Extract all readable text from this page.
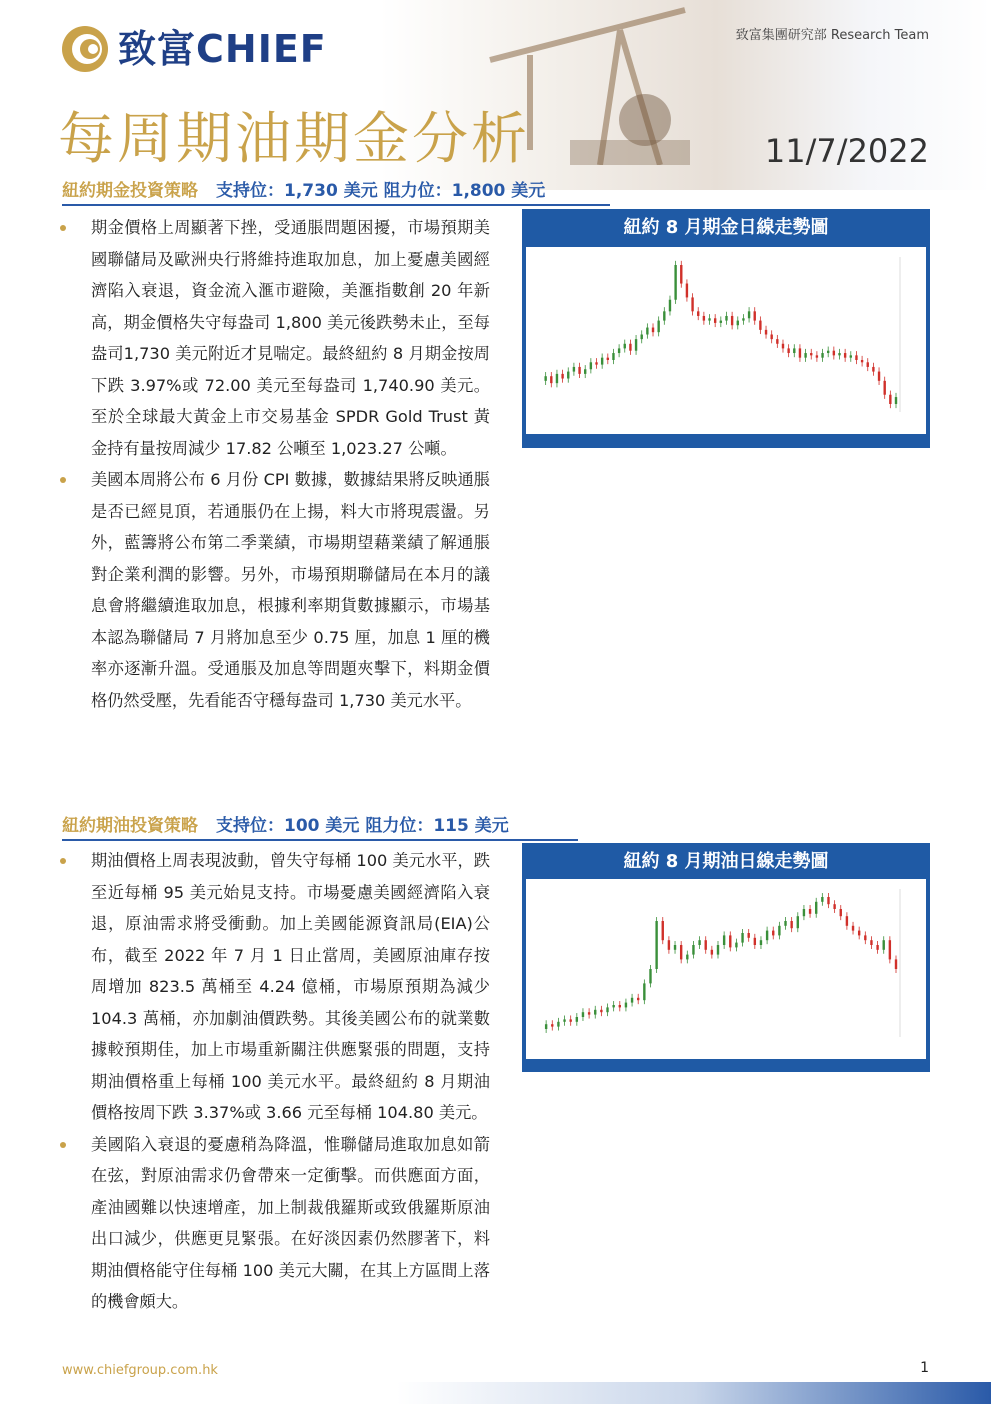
致富CHIEF	致富集團研究部 Research Team
每周期油期金分析	11/7/2022
紐約期金投資策略 支持位：1,730 美元 阻力位：1,800 美元
期金價格上周顯著下挫，受通脹問題困擾，市場預期美國聯儲局及歐洲央行將維持進取加息，加上憂慮美國經濟陷入衰退，資金流入滙市避險，美滙指數創 20 年新高，期金價格失守每盎司 1,800 美元後跌勢未止，至每盎司1,730 美元附近才見喘定。最終紐約 8 月期金按周下跌 3.97%或 72.00 美元至每盎司 1,740.90 美元。至於全球最大黃金上市交易基金 SPDR Gold Trust 黃金持有量按周減少 17.82 公噸至 1,023.27 公噸。
美國本周將公布 6 月份 CPI 數據，數據結果將反映通脹是否已經見頂，若通脹仍在上揚，料大市將現震盪。另外，藍籌將公布第二季業績，市場期望藉業績了解通脹對企業利潤的影響。另外，市場預期聯儲局在本月的議息會將繼續進取加息，根據利率期貨數據顯示，市場基本認為聯儲局 7 月將加息至少 0.75 厘，加息 1 厘的機率亦逐漸升溫。受通脹及加息等問題夾擊下，料期金價格仍然受壓，先看能否守穩每盎司 1,730 美元水平。
紐約 8 月期金日線走勢圖
紐約期油投資策略 支持位：100 美元 阻力位：115 美元
期油價格上周表現波動，曾失守每桶 100 美元水平，跌至近每桶 95 美元始見支持。市場憂慮美國經濟陷入衰退，原油需求將受衝動。加上美國能源資訊局(EIA)公布，截至 2022 年 7 月 1 日止當周，美國原油庫存按周增加 823.5 萬桶至 4.24 億桶，市場原預期為減少 104.3 萬桶，亦加劇油價跌勢。其後美國公布的就業數據較預期佳，加上市場重新關注供應緊張的問題，支持期油價格重上每桶 100 美元水平。最終紐約 8 月期油價格按周下跌 3.37%或 3.66 元至每桶 104.80 美元。
美國陷入衰退的憂慮稍為降溫，惟聯儲局進取加息如箭在弦，對原油需求仍會帶來一定衝擊。而供應面方面，產油國難以快速增產，加上制裁俄羅斯或致俄羅斯原油出口減少，供應更見緊張。在好淡因素仍然膠著下，料期油價格能守住每桶 100 美元大關，在其上方區間上落的機會頗大。
紐約 8 月期油日線走勢圖
www.chiefgroup.com.hk	1
